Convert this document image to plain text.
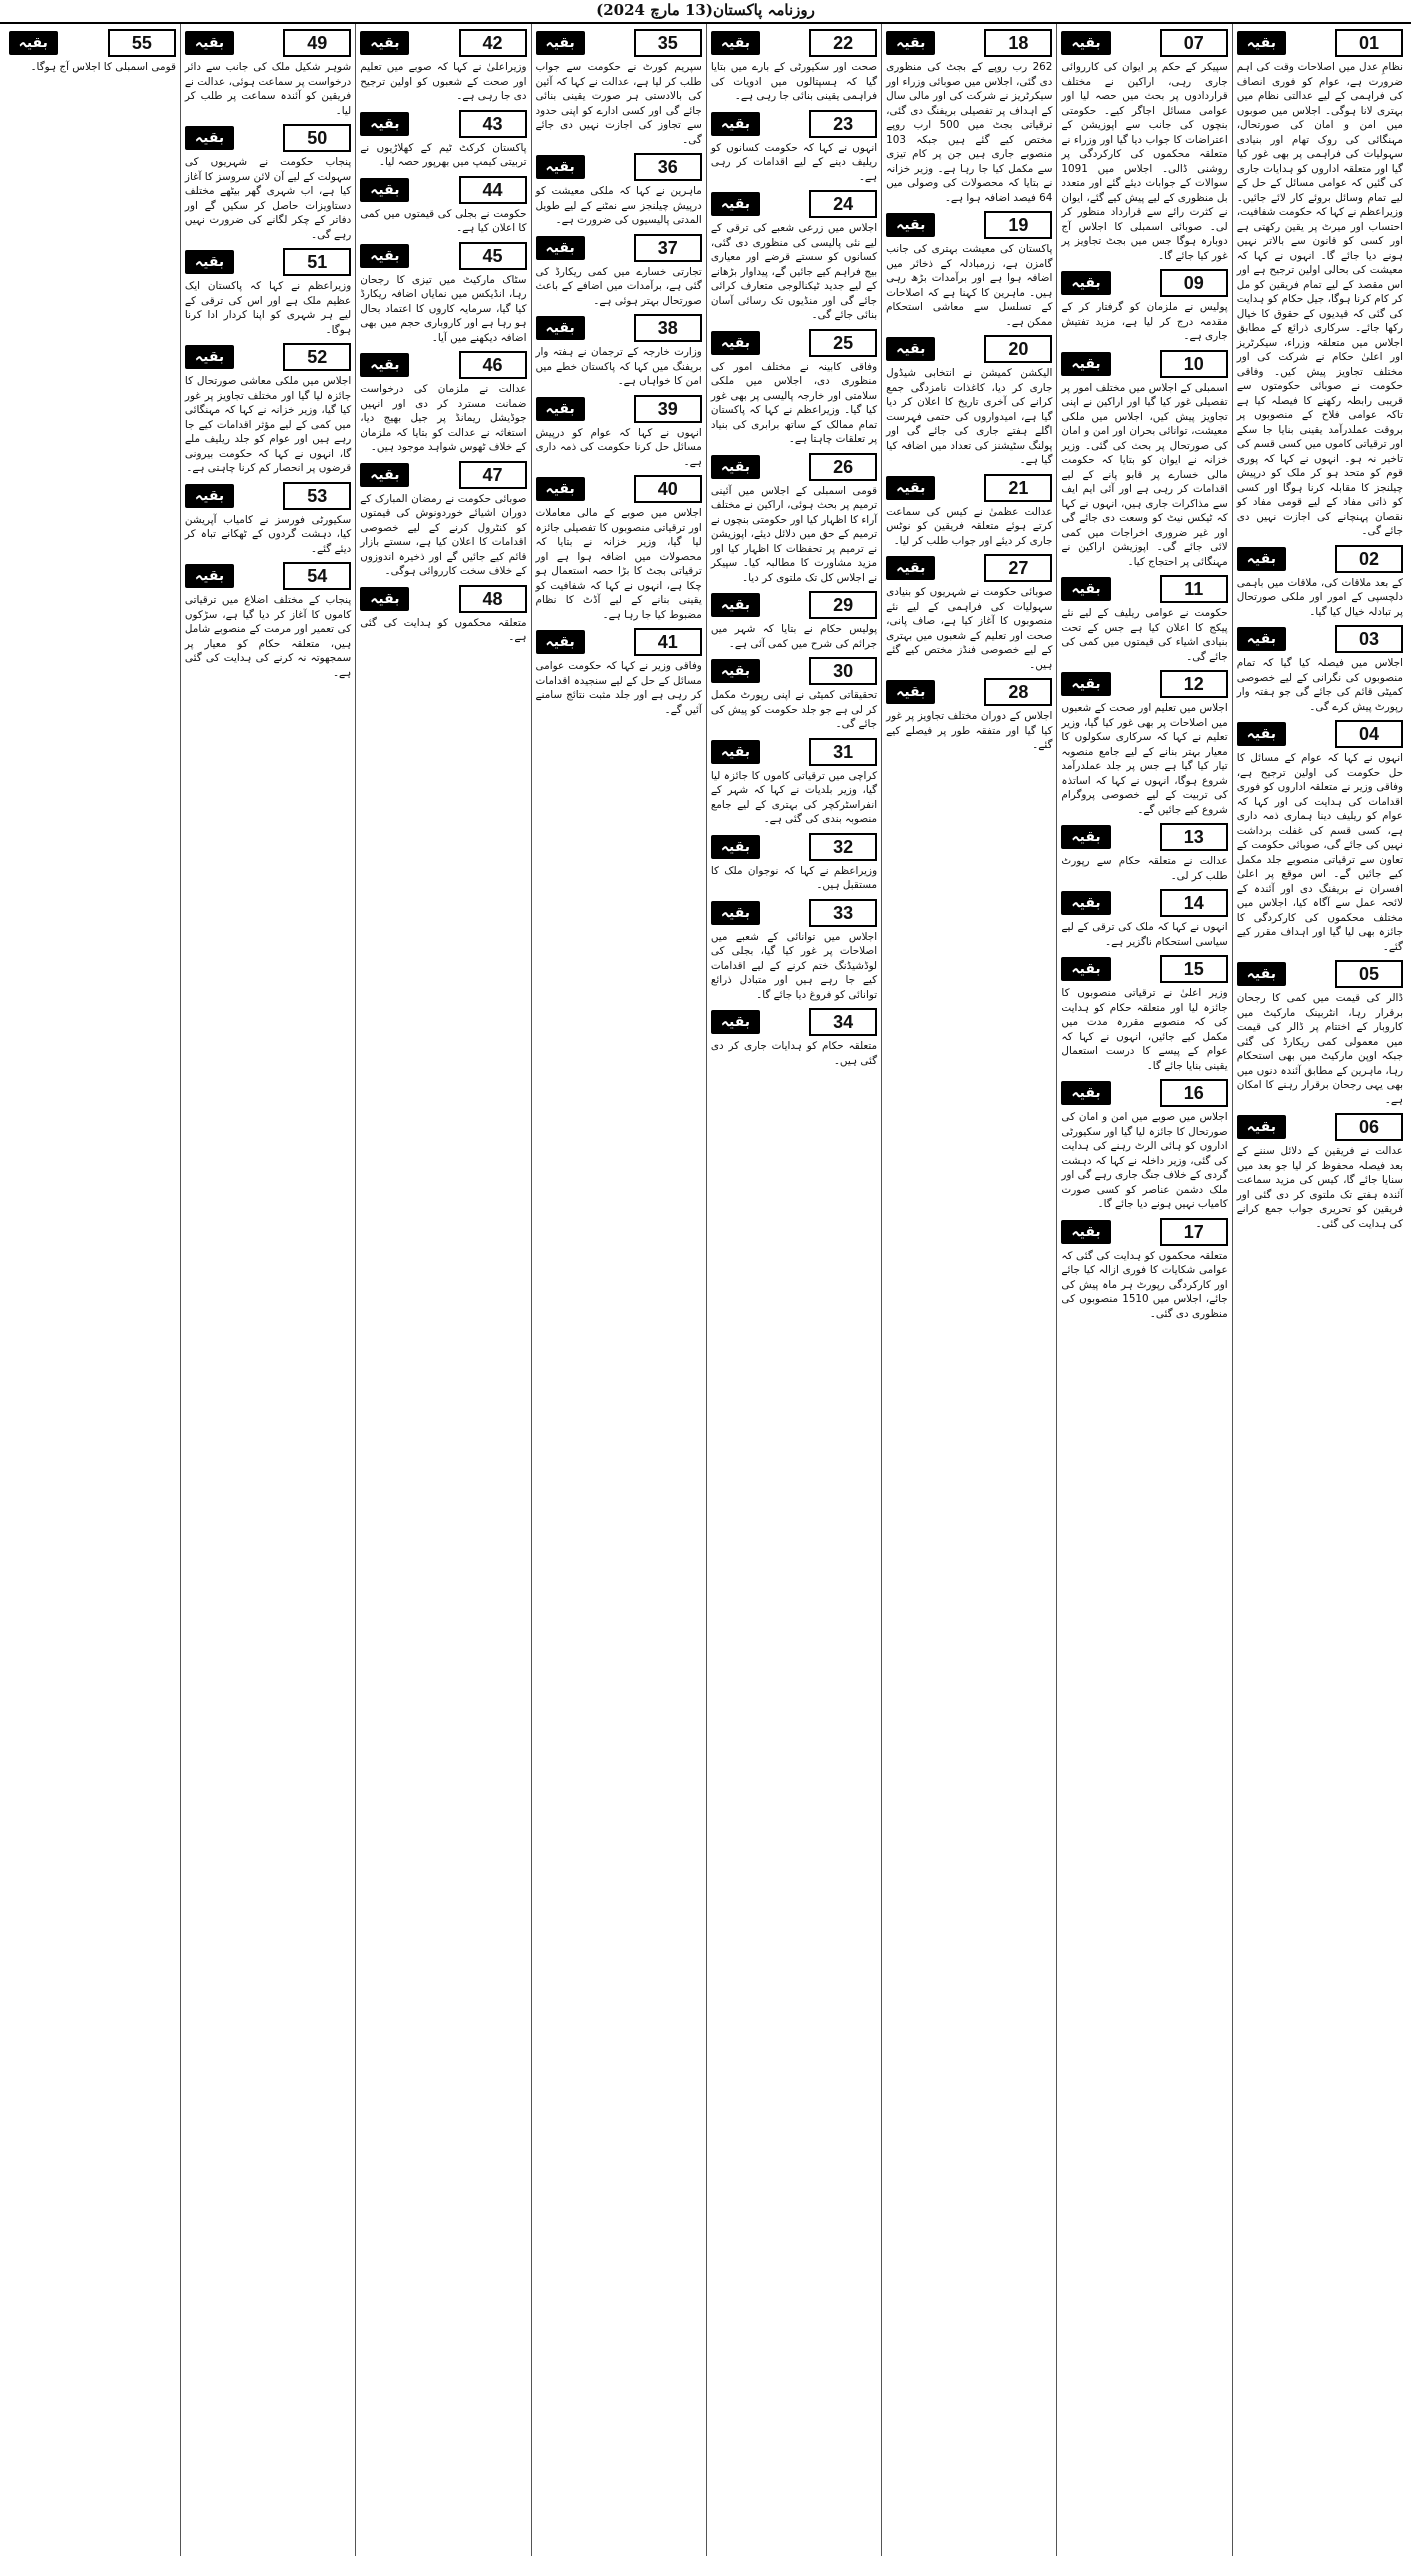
روزنامہ پاکستان(13 مارچ 2024)
بقیہ	01
نظامِ عدل میں اصلاحات وقت کی اہم ضرورت ہے، عوام کو فوری انصاف کی فراہمی کے لیے عدالتی نظام میں بہتری لانا ہوگی۔ اجلاس میں صوبوں میں امن و امان کی صورتحال، مہنگائی کی روک تھام اور بنیادی سہولیات کی فراہمی پر بھی غور کیا گیا اور متعلقہ اداروں کو ہدایات جاری کی گئیں کہ عوامی مسائل کے حل کے لیے تمام وسائل بروئے کار لائے جائیں۔ وزیراعظم نے کہا کہ حکومت شفافیت، احتساب اور میرٹ پر یقین رکھتی ہے اور کسی کو قانون سے بالاتر نہیں ہونے دیا جائے گا۔ انہوں نے کہا کہ معیشت کی بحالی اولین ترجیح ہے اور اس مقصد کے لیے تمام فریقین کو مل کر کام کرنا ہوگا، جیل حکام کو ہدایت کی گئی کہ قیدیوں کے حقوق کا خیال رکھا جائے۔ سرکاری ذرائع کے مطابق اجلاس میں متعلقہ وزراء، سیکرٹریز اور اعلیٰ حکام نے شرکت کی اور مختلف تجاویز پیش کیں۔ وفاقی حکومت نے صوبائی حکومتوں سے قریبی رابطہ رکھنے کا فیصلہ کیا ہے تاکہ عوامی فلاح کے منصوبوں پر بروقت عملدرآمد یقینی بنایا جا سکے اور ترقیاتی کاموں میں کسی قسم کی تاخیر نہ ہو۔ انہوں نے کہا کہ پوری قوم کو متحد ہو کر ملک کو درپیش چیلنجز کا مقابلہ کرنا ہوگا اور کسی کو ذاتی مفاد کے لیے قومی مفاد کو نقصان پہنچانے کی اجازت نہیں دی جائے گی۔
بقیہ	02
کے بعد ملاقات کی، ملاقات میں باہمی دلچسپی کے امور اور ملکی صورتحال پر تبادلہ خیال کیا گیا۔
بقیہ	03
اجلاس میں فیصلہ کیا گیا کہ تمام منصوبوں کی نگرانی کے لیے خصوصی کمیٹی قائم کی جائے گی جو ہفتہ وار رپورٹ پیش کرے گی۔
بقیہ	04
انہوں نے کہا کہ عوام کے مسائل کا حل حکومت کی اولین ترجیح ہے، وفاقی وزیر نے متعلقہ اداروں کو فوری اقدامات کی ہدایت کی اور کہا کہ عوام کو ریلیف دینا ہماری ذمہ داری ہے، کسی قسم کی غفلت برداشت نہیں کی جائے گی، صوبائی حکومت کے تعاون سے ترقیاتی منصوبے جلد مکمل کیے جائیں گے۔ اس موقع پر اعلیٰ افسران نے بریفنگ دی اور آئندہ کے لائحہ عمل سے آگاہ کیا، اجلاس میں مختلف محکموں کی کارکردگی کا جائزہ بھی لیا گیا اور اہداف مقرر کیے گئے۔
بقیہ	05
ڈالر کی قیمت میں کمی کا رجحان برقرار رہا، انٹربینک مارکیٹ میں کاروبار کے اختتام پر ڈالر کی قیمت میں معمولی کمی ریکارڈ کی گئی جبکہ اوپن مارکیٹ میں بھی استحکام رہا، ماہرین کے مطابق آئندہ دنوں میں بھی یہی رجحان برقرار رہنے کا امکان ہے۔
بقیہ	06
عدالت نے فریقین کے دلائل سننے کے بعد فیصلہ محفوظ کر لیا جو بعد میں سنایا جائے گا، کیس کی مزید سماعت آئندہ ہفتے تک ملتوی کر دی گئی اور فریقین کو تحریری جواب جمع کرانے کی ہدایت کی گئی۔
بقیہ	07
سپیکر کے حکم پر ایوان کی کارروائی جاری رہی، اراکین نے مختلف قراردادوں پر بحث میں حصہ لیا اور عوامی مسائل اجاگر کیے۔ حکومتی بنچوں کی جانب سے اپوزیشن کے اعتراضات کا جواب دیا گیا اور وزراء نے متعلقہ محکموں کی کارکردگی پر روشنی ڈالی۔ اجلاس میں 1091 سوالات کے جوابات دیئے گئے اور متعدد بل منظوری کے لیے پیش کیے گئے، ایوان نے کثرت رائے سے قرارداد منظور کر لی۔ صوبائی اسمبلی کا اجلاس آج دوبارہ ہوگا جس میں بجٹ تجاویز پر غور کیا جائے گا۔
بقیہ	09
پولیس نے ملزمان کو گرفتار کر کے مقدمہ درج کر لیا ہے، مزید تفتیش جاری ہے۔
بقیہ	10
اسمبلی کے اجلاس میں مختلف امور پر تفصیلی غور کیا گیا اور اراکین نے اپنی تجاویز پیش کیں، اجلاس میں ملکی معیشت، توانائی بحران اور امن و امان کی صورتحال پر بحث کی گئی۔ وزیر خزانہ نے ایوان کو بتایا کہ حکومت مالی خسارے پر قابو پانے کے لیے اقدامات کر رہی ہے اور آئی ایم ایف سے مذاکرات جاری ہیں، انہوں نے کہا کہ ٹیکس نیٹ کو وسعت دی جائے گی اور غیر ضروری اخراجات میں کمی لائی جائے گی۔ اپوزیشن اراکین نے مہنگائی پر احتجاج کیا۔
بقیہ	11
حکومت نے عوامی ریلیف کے لیے نئے پیکج کا اعلان کیا ہے جس کے تحت بنیادی اشیاء کی قیمتوں میں کمی کی جائے گی۔
بقیہ	12
اجلاس میں تعلیم اور صحت کے شعبوں میں اصلاحات پر بھی غور کیا گیا، وزیر تعلیم نے کہا کہ سرکاری سکولوں کا معیار بہتر بنانے کے لیے جامع منصوبہ تیار کیا گیا ہے جس پر جلد عملدرآمد شروع ہوگا، انہوں نے کہا کہ اساتذہ کی تربیت کے لیے خصوصی پروگرام شروع کیے جائیں گے۔
بقیہ	13
عدالت نے متعلقہ حکام سے رپورٹ طلب کر لی۔
بقیہ	14
انہوں نے کہا کہ ملک کی ترقی کے لیے سیاسی استحکام ناگزیر ہے۔
بقیہ	15
وزیر اعلیٰ نے ترقیاتی منصوبوں کا جائزہ لیا اور متعلقہ حکام کو ہدایت کی کہ منصوبے مقررہ مدت میں مکمل کیے جائیں، انہوں نے کہا کہ عوام کے پیسے کا درست استعمال یقینی بنایا جائے گا۔
بقیہ	16
اجلاس میں صوبے میں امن و امان کی صورتحال کا جائزہ لیا گیا اور سکیورٹی اداروں کو ہائی الرٹ رہنے کی ہدایت کی گئی، وزیر داخلہ نے کہا کہ دہشت گردی کے خلاف جنگ جاری رہے گی اور ملک دشمن عناصر کو کسی صورت کامیاب نہیں ہونے دیا جائے گا۔
بقیہ	17
متعلقہ محکموں کو ہدایت کی گئی کہ عوامی شکایات کا فوری ازالہ کیا جائے اور کارکردگی رپورٹ ہر ماہ پیش کی جائے، اجلاس میں 1510 منصوبوں کی منظوری دی گئی۔
بقیہ	18
262 رب روپے کے بجٹ کی منظوری دی گئی، اجلاس میں صوبائی وزراء اور سیکرٹریز نے شرکت کی اور مالی سال کے اہداف پر تفصیلی بریفنگ دی گئی، ترقیاتی بجٹ میں 500 ارب روپے مختص کیے گئے ہیں جبکہ 103 منصوبے جاری ہیں جن پر کام تیزی سے مکمل کیا جا رہا ہے۔ وزیر خزانہ نے بتایا کہ محصولات کی وصولی میں 64 فیصد اضافہ ہوا ہے۔
بقیہ	19
پاکستان کی معیشت بہتری کی جانب گامزن ہے، زرمبادلہ کے ذخائر میں اضافہ ہوا ہے اور برآمدات بڑھ رہی ہیں۔ ماہرین کا کہنا ہے کہ اصلاحات کے تسلسل سے معاشی استحکام ممکن ہے۔
بقیہ	20
الیکشن کمیشن نے انتخابی شیڈول جاری کر دیا، کاغذات نامزدگی جمع کرانے کی آخری تاریخ کا اعلان کر دیا گیا ہے، امیدواروں کی حتمی فہرست اگلے ہفتے جاری کی جائے گی اور پولنگ سٹیشنز کی تعداد میں اضافہ کیا گیا ہے۔
بقیہ	21
عدالت عظمیٰ نے کیس کی سماعت کرتے ہوئے متعلقہ فریقین کو نوٹس جاری کر دیئے اور جواب طلب کر لیا۔
بقیہ	27
صوبائی حکومت نے شہریوں کو بنیادی سہولیات کی فراہمی کے لیے نئے منصوبوں کا آغاز کیا ہے، صاف پانی، صحت اور تعلیم کے شعبوں میں بہتری کے لیے خصوصی فنڈز مختص کیے گئے ہیں۔
بقیہ	28
اجلاس کے دوران مختلف تجاویز پر غور کیا گیا اور متفقہ طور پر فیصلے کیے گئے۔
بقیہ	22
صحت اور سکیورٹی کے بارے میں بتایا گیا کہ ہسپتالوں میں ادویات کی فراہمی یقینی بنائی جا رہی ہے۔
بقیہ	23
انہوں نے کہا کہ حکومت کسانوں کو ریلیف دینے کے لیے اقدامات کر رہی ہے۔
بقیہ	24
اجلاس میں زرعی شعبے کی ترقی کے لیے نئی پالیسی کی منظوری دی گئی، کسانوں کو سستے قرضے اور معیاری بیج فراہم کیے جائیں گے، پیداوار بڑھانے کے لیے جدید ٹیکنالوجی متعارف کرائی جائے گی اور منڈیوں تک رسائی آسان بنائی جائے گی۔
بقیہ	25
وفاقی کابینہ نے مختلف امور کی منظوری دی، اجلاس میں ملکی سلامتی اور خارجہ پالیسی پر بھی غور کیا گیا۔ وزیراعظم نے کہا کہ پاکستان تمام ممالک کے ساتھ برابری کی بنیاد پر تعلقات چاہتا ہے۔
بقیہ	26
قومی اسمبلی کے اجلاس میں آئینی ترمیم پر بحث ہوئی، اراکین نے مختلف آراء کا اظہار کیا اور حکومتی بنچوں نے ترمیم کے حق میں دلائل دیئے، اپوزیشن نے ترمیم پر تحفظات کا اظہار کیا اور مزید مشاورت کا مطالبہ کیا۔ سپیکر نے اجلاس کل تک ملتوی کر دیا۔
بقیہ	29
پولیس حکام نے بتایا کہ شہر میں جرائم کی شرح میں کمی آئی ہے۔
بقیہ	30
تحقیقاتی کمیٹی نے اپنی رپورٹ مکمل کر لی ہے جو جلد حکومت کو پیش کی جائے گی۔
بقیہ	31
کراچی میں ترقیاتی کاموں کا جائزہ لیا گیا، وزیر بلدیات نے کہا کہ شہر کے انفراسٹرکچر کی بہتری کے لیے جامع منصوبہ بندی کی گئی ہے۔
بقیہ	32
وزیراعظم نے کہا کہ نوجوان ملک کا مستقبل ہیں۔
بقیہ	33
اجلاس میں توانائی کے شعبے میں اصلاحات پر غور کیا گیا، بجلی کی لوڈشیڈنگ ختم کرنے کے لیے اقدامات کیے جا رہے ہیں اور متبادل ذرائع توانائی کو فروغ دیا جائے گا۔
بقیہ	34
متعلقہ حکام کو ہدایات جاری کر دی گئی ہیں۔
بقیہ	35
سپریم کورٹ نے حکومت سے جواب طلب کر لیا ہے، عدالت نے کہا کہ آئین کی بالادستی ہر صورت یقینی بنائی جائے گی اور کسی ادارے کو اپنی حدود سے تجاوز کی اجازت نہیں دی جائے گی۔
بقیہ	36
ماہرین نے کہا کہ ملکی معیشت کو درپیش چیلنجز سے نمٹنے کے لیے طویل المدتی پالیسیوں کی ضرورت ہے۔
بقیہ	37
تجارتی خسارے میں کمی ریکارڈ کی گئی ہے، برآمدات میں اضافے کے باعث صورتحال بہتر ہوئی ہے۔
بقیہ	38
وزارت خارجہ کے ترجمان نے ہفتہ وار بریفنگ میں کہا کہ پاکستان خطے میں امن کا خواہاں ہے۔
بقیہ	39
انہوں نے کہا کہ عوام کو درپیش مسائل حل کرنا حکومت کی ذمہ داری ہے۔
بقیہ	40
اجلاس میں صوبے کے مالی معاملات اور ترقیاتی منصوبوں کا تفصیلی جائزہ لیا گیا، وزیر خزانہ نے بتایا کہ محصولات میں اضافہ ہوا ہے اور ترقیاتی بجٹ کا بڑا حصہ استعمال ہو چکا ہے، انہوں نے کہا کہ شفافیت کو یقینی بنانے کے لیے آڈٹ کا نظام مضبوط کیا جا رہا ہے۔
بقیہ	41
وفاقی وزیر نے کہا کہ حکومت عوامی مسائل کے حل کے لیے سنجیدہ اقدامات کر رہی ہے اور جلد مثبت نتائج سامنے آئیں گے۔
بقیہ	42
وزیراعلیٰ نے کہا کہ صوبے میں تعلیم اور صحت کے شعبوں کو اولین ترجیح دی جا رہی ہے۔
بقیہ	43
پاکستان کرکٹ ٹیم کے کھلاڑیوں نے تربیتی کیمپ میں بھرپور حصہ لیا۔
بقیہ	44
حکومت نے بجلی کی قیمتوں میں کمی کا اعلان کیا ہے۔
بقیہ	45
سٹاک مارکیٹ میں تیزی کا رجحان رہا، انڈیکس میں نمایاں اضافہ ریکارڈ کیا گیا، سرمایہ کاروں کا اعتماد بحال ہو رہا ہے اور کاروباری حجم میں بھی اضافہ دیکھنے میں آیا۔
بقیہ	46
عدالت نے ملزمان کی درخواست ضمانت مسترد کر دی اور انہیں جوڈیشل ریمانڈ پر جیل بھیج دیا، استغاثہ نے عدالت کو بتایا کہ ملزمان کے خلاف ٹھوس شواہد موجود ہیں۔
بقیہ	47
صوبائی حکومت نے رمضان المبارک کے دوران اشیائے خوردونوش کی قیمتوں کو کنٹرول کرنے کے لیے خصوصی اقدامات کا اعلان کیا ہے، سستے بازار قائم کیے جائیں گے اور ذخیرہ اندوزوں کے خلاف سخت کارروائی ہوگی۔
بقیہ	48
متعلقہ محکموں کو ہدایت کی گئی ہے۔
بقیہ	49
شوہر شکیل ملک کی جانب سے دائر درخواست پر سماعت ہوئی، عدالت نے فریقین کو آئندہ سماعت پر طلب کر لیا۔
بقیہ	50
پنجاب حکومت نے شہریوں کی سہولت کے لیے آن لائن سروسز کا آغاز کیا ہے، اب شہری گھر بیٹھے مختلف دستاویزات حاصل کر سکیں گے اور دفاتر کے چکر لگانے کی ضرورت نہیں رہے گی۔
بقیہ	51
وزیراعظم نے کہا کہ پاکستان ایک عظیم ملک ہے اور اس کی ترقی کے لیے ہر شہری کو اپنا کردار ادا کرنا ہوگا۔
بقیہ	52
اجلاس میں ملکی معاشی صورتحال کا جائزہ لیا گیا اور مختلف تجاویز پر غور کیا گیا، وزیر خزانہ نے کہا کہ مہنگائی میں کمی کے لیے مؤثر اقدامات کیے جا رہے ہیں اور عوام کو جلد ریلیف ملے گا، انہوں نے کہا کہ حکومت بیرونی قرضوں پر انحصار کم کرنا چاہتی ہے۔
بقیہ	53
سکیورٹی فورسز نے کامیاب آپریشن کیا، دہشت گردوں کے ٹھکانے تباہ کر دیئے گئے۔
بقیہ	54
پنجاب کے مختلف اضلاع میں ترقیاتی کاموں کا آغاز کر دیا گیا ہے، سڑکوں کی تعمیر اور مرمت کے منصوبے شامل ہیں، متعلقہ حکام کو معیار پر سمجھوتہ نہ کرنے کی ہدایت کی گئی ہے۔
بقیہ	55
قومی اسمبلی کا اجلاس آج ہوگا۔
